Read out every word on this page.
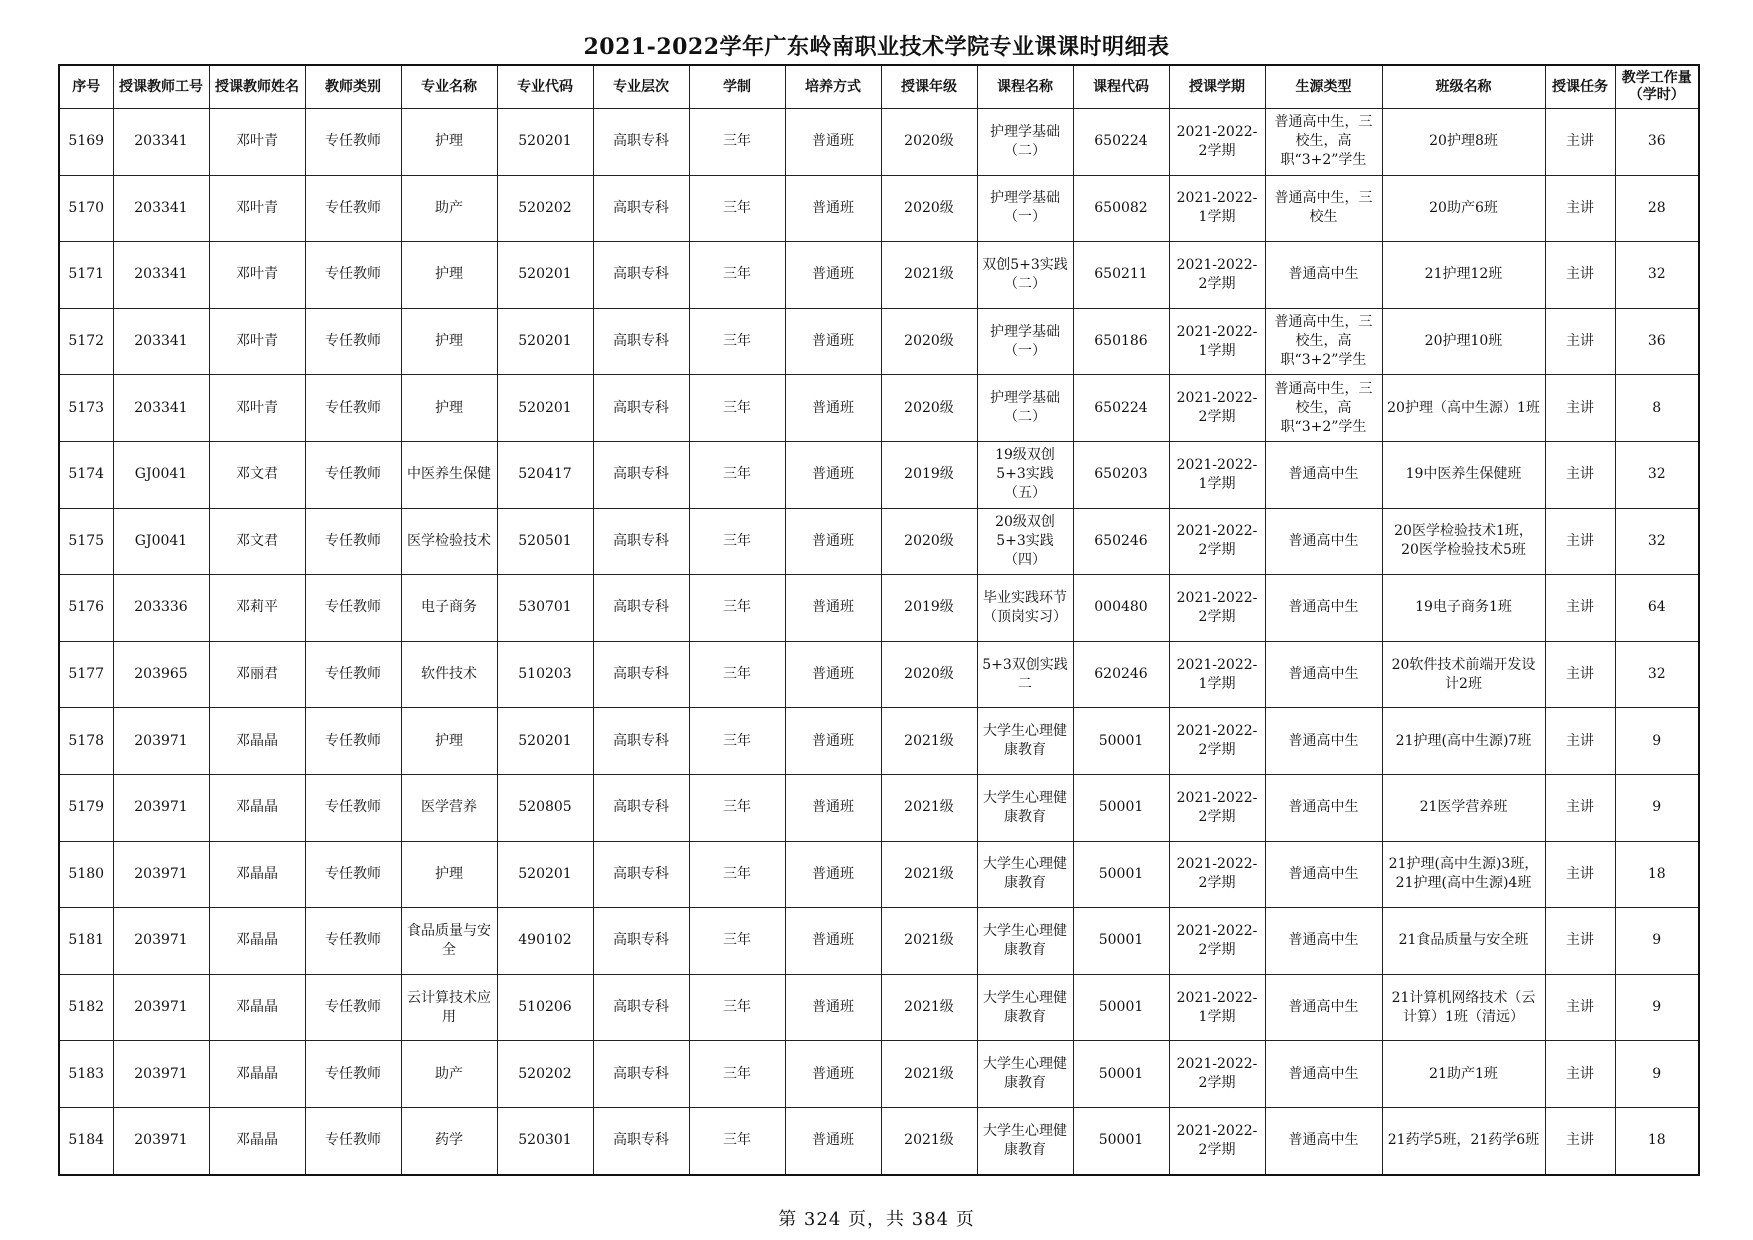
2021-2022学年广东岭南职业技术学院专业课课时明细表
序号	授课教师工号	授课教师姓名	教师类别	专业名称	专业代码	专业层次	学制	培养方式	授课年级	课程名称	课程代码	授课学期	生源类型	班级名称	授课任务	教学工作量（学时）
5169	203341	邓叶青	专任教师	护理	520201	高职专科	三年	普通班	2020级	护理学基础（二）	650224	2021-2022-2学期	普通高中生，三校生，高职“3+2”学生	20护理8班	主讲	36
5170	203341	邓叶青	专任教师	助产	520202	高职专科	三年	普通班	2020级	护理学基础（一）	650082	2021-2022-1学期	普通高中生，三校生	20助产6班	主讲	28
5171	203341	邓叶青	专任教师	护理	520201	高职专科	三年	普通班	2021级	双创5+3实践（二）	650211	2021-2022-2学期	普通高中生	21护理12班	主讲	32
5172	203341	邓叶青	专任教师	护理	520201	高职专科	三年	普通班	2020级	护理学基础（一）	650186	2021-2022-1学期	普通高中生，三校生，高职“3+2”学生	20护理10班	主讲	36
5173	203341	邓叶青	专任教师	护理	520201	高职专科	三年	普通班	2020级	护理学基础（二）	650224	2021-2022-2学期	普通高中生，三校生，高职“3+2”学生	20护理（高中生源）1班	主讲	8
5174	GJ0041	邓文君	专任教师	中医养生保健	520417	高职专科	三年	普通班	2019级	19级双创5+3实践（五）	650203	2021-2022-1学期	普通高中生	19中医养生保健班	主讲	32
5175	GJ0041	邓文君	专任教师	医学检验技术	520501	高职专科	三年	普通班	2020级	20级双创5+3实践（四）	650246	2021-2022-2学期	普通高中生	20医学检验技术1班，20医学检验技术5班	主讲	32
5176	203336	邓莉平	专任教师	电子商务	530701	高职专科	三年	普通班	2019级	毕业实践环节（顶岗实习）	000480	2021-2022-2学期	普通高中生	19电子商务1班	主讲	64
5177	203965	邓丽君	专任教师	软件技术	510203	高职专科	三年	普通班	2020级	5+3双创实践二	620246	2021-2022-1学期	普通高中生	20软件技术前端开发设计2班	主讲	32
5178	203971	邓晶晶	专任教师	护理	520201	高职专科	三年	普通班	2021级	大学生心理健康教育	50001	2021-2022-2学期	普通高中生	21护理(高中生源)7班	主讲	9
5179	203971	邓晶晶	专任教师	医学营养	520805	高职专科	三年	普通班	2021级	大学生心理健康教育	50001	2021-2022-2学期	普通高中生	21医学营养班	主讲	9
5180	203971	邓晶晶	专任教师	护理	520201	高职专科	三年	普通班	2021级	大学生心理健康教育	50001	2021-2022-2学期	普通高中生	21护理(高中生源)3班，21护理(高中生源)4班	主讲	18
5181	203971	邓晶晶	专任教师	食品质量与安全	490102	高职专科	三年	普通班	2021级	大学生心理健康教育	50001	2021-2022-2学期	普通高中生	21食品质量与安全班	主讲	9
5182	203971	邓晶晶	专任教师	云计算技术应用	510206	高职专科	三年	普通班	2021级	大学生心理健康教育	50001	2021-2022-1学期	普通高中生	21计算机网络技术（云计算）1班（清远）	主讲	9
5183	203971	邓晶晶	专任教师	助产	520202	高职专科	三年	普通班	2021级	大学生心理健康教育	50001	2021-2022-2学期	普通高中生	21助产1班	主讲	9
5184	203971	邓晶晶	专任教师	药学	520301	高职专科	三年	普通班	2021级	大学生心理健康教育	50001	2021-2022-2学期	普通高中生	21药学5班，21药学6班	主讲	18
第 324 页，共 384 页
